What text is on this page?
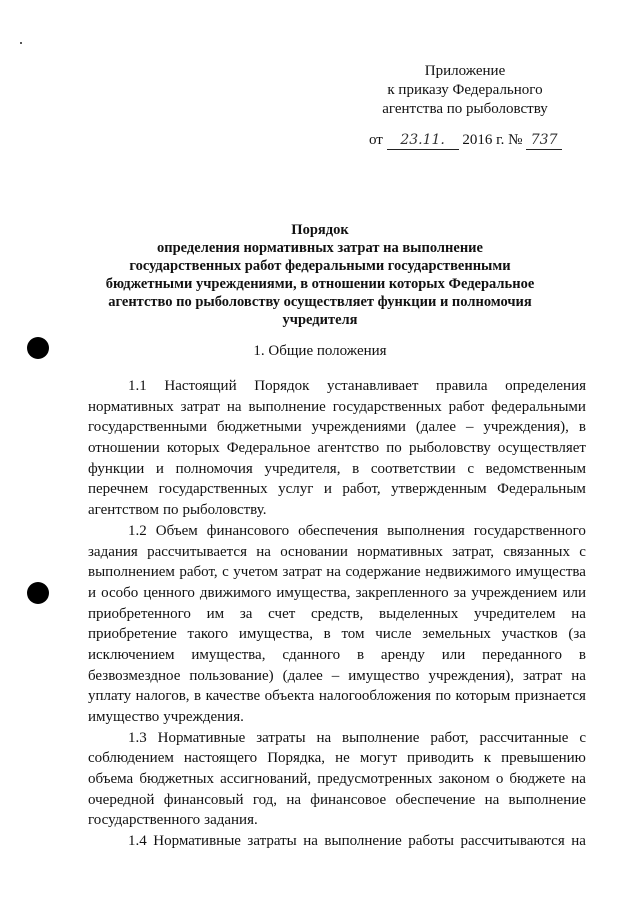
Приложение
к приказу Федерального
агентства по рыболовству
от 23.11. 2016 г. № 737
Порядок
определения нормативных затрат на выполнение
государственных работ федеральными государственными
бюджетными учреждениями, в отношении которых Федеральное
агентство по рыболовству осуществляет функции и полномочия
учредителя
1. Общие положения
1.1 Настоящий Порядок устанавливает правила определения
нормативных затрат на выполнение государственных работ федеральными
государственными бюджетными учреждениями (далее – учреждения), в
отношении которых Федеральное агентство по рыболовству осуществляет
функции и полномочия учредителя, в соответствии с ведомственным
перечнем государственных услуг и работ, утвержденным Федеральным
агентством по рыболовству.
1.2 Объем финансового обеспечения выполнения государственного
задания рассчитывается на основании нормативных затрат, связанных с
выполнением работ, с учетом затрат на содержание недвижимого имущества
и особо ценного движимого имущества, закрепленного за учреждением или
приобретенного им за счет средств, выделенных учредителем на
приобретение такого имущества, в том числе земельных участков (за
исключением имущества, сданного в аренду или переданного в
безвозмездное пользование) (далее – имущество учреждения), затрат на
уплату налогов, в качестве объекта налогообложения по которым признается
имущество учреждения.
1.3 Нормативные затраты на выполнение работ, рассчитанные с
соблюдением настоящего Порядка, не могут приводить к превышению
объема бюджетных ассигнований, предусмотренных законом о бюджете на
очередной финансовый год, на финансовое обеспечение на выполнение
государственного задания.
1.4 Нормативные затраты на выполнение работы рассчитываются на
